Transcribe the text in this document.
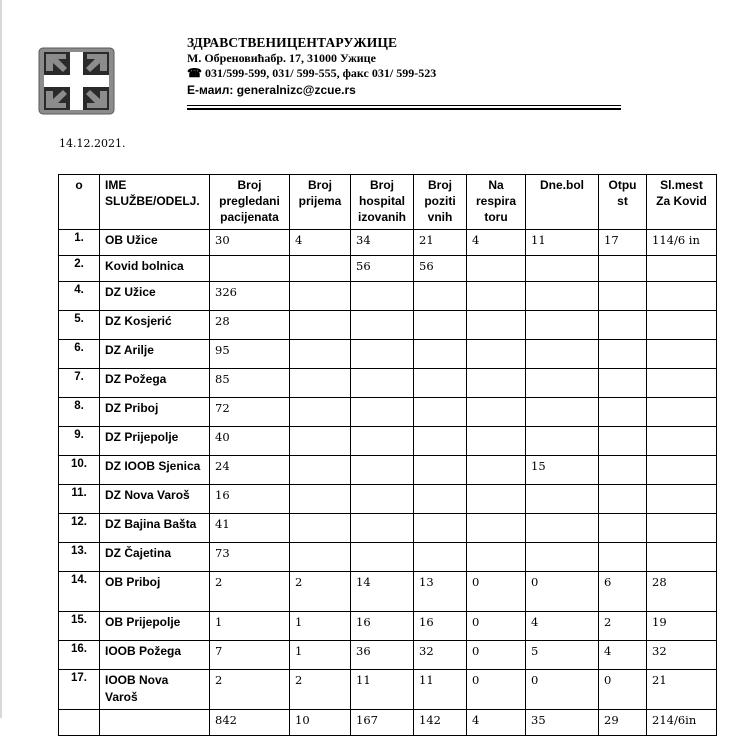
ЗДРАВСТВЕНИЦЕНТАРУЖИЦЕ
М. Обреновићабр. 17, 31000 Ужице
☎ 031/599-599, 031/ 599-555, факс 031/ 599-523
Е-маил: generalnizc@zcue.rs
14.12.2021.
o	IME SLUŽBE/ODELJ.	Broj pregledani pacijenata	Broj prijema	Broj hospital izovanih	Broj poziti vnih	Na respira toru	Dne.bol	Otpu st	Sl.mest Za Kovid
1.	OB Užice	30	4	34	21	4	11	17	114/6 in
2.	Kovid bolnica			56	56				
4.	DZ Užice	326							
5.	DZ Kosjerić	28							
6.	DZ Arilje	95							
7.	DZ Požega	85							
8.	DZ Priboj	72							
9.	DZ Prijepolje	40							
10.	DZ IOOB Sjenica	24					15		
11.	DZ Nova Varoš	16							
12.	DZ Bajina Bašta	41							
13.	DZ Čajetina	73							
14.	OB Priboj	2	2	14	13	0	0	6	28
15.	OB Prijepolje	1	1	16	16	0	4	2	19
16.	IOOB Požega	7	1	36	32	0	5	4	32
17.	IOOB Nova Varoš	2	2	11	11	0	0	0	21
		842	10	167	142	4	35	29	214/6in
